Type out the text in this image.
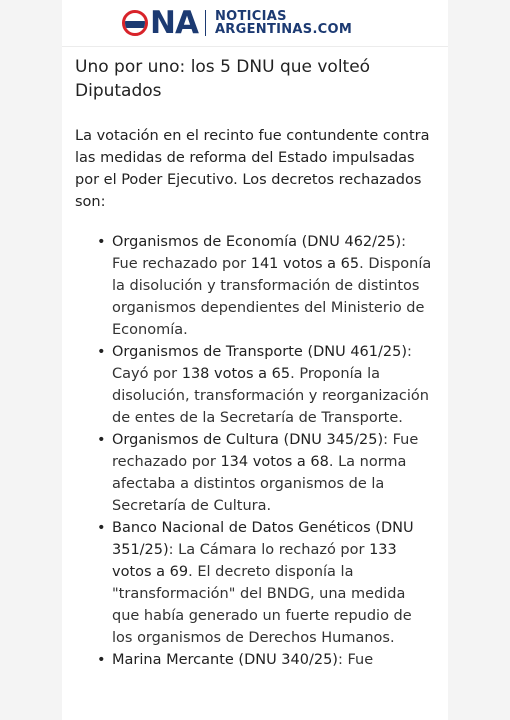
NA NOTICIAS
ARGENTINAS.COM
Uno por uno: los 5 DNU que volteó Diputados

La votación en el recinto fue contundente contra las medidas de reforma del Estado impulsadas por el Poder Ejecutivo. Los decretos rechazados son:

• Organismos de Economía (DNU 462/25): Fue rechazado por 141 votos a 65. Disponía la disolución y transformación de distintos organismos dependientes del Ministerio de Economía.
• Organismos de Transporte (DNU 461/25): Cayó por 138 votos a 65. Proponía la disolución, transformación y reorganización de entes de la Secretaría de Transporte.
• Organismos de Cultura (DNU 345/25): Fue rechazado por 134 votos a 68. La norma afectaba a distintos organismos de la Secretaría de Cultura.
• Banco Nacional de Datos Genéticos (DNU 351/25): La Cámara lo rechazó por 133 votos a 69. El decreto disponía la "transformación" del BNDG, una medida que había generado un fuerte repudio de los organismos de Derechos Humanos.
• Marina Mercante (DNU 340/25): Fue
